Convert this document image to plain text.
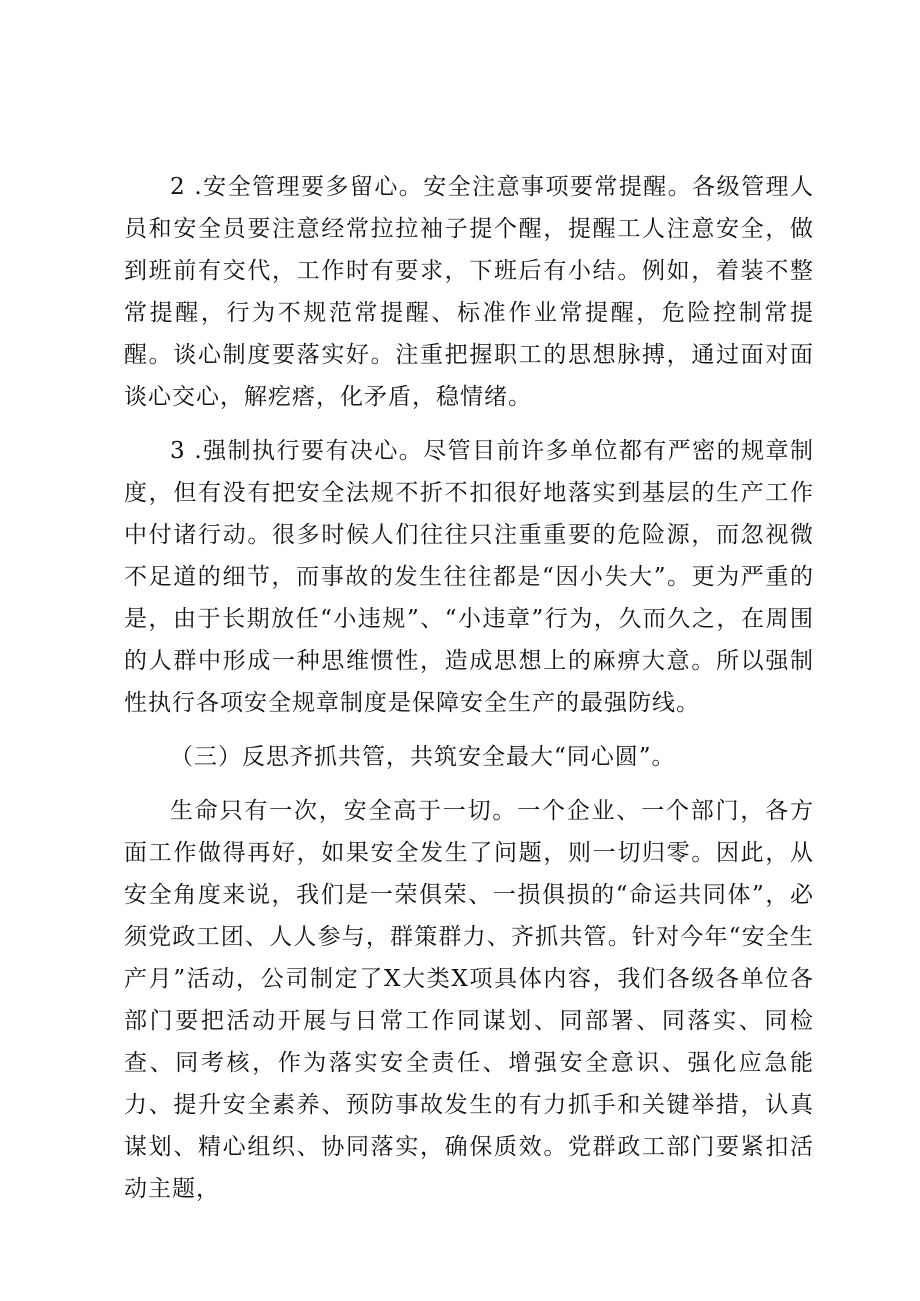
2 .安全管理要多留心。安全注意事项要常提醒。各级管理人员和安全员要注意经常拉拉袖子提个醒，提醒工人注意安全，做到班前有交代，工作时有要求，下班后有小结。例如，着装不整常提醒，行为不规范常提醒、标准作业常提醒，危险控制常提醒。谈心制度要落实好。注重把握职工的思想脉搏，通过面对面谈心交心，解疙瘩，化矛盾，稳情绪。

3 .强制执行要有决心。尽管目前许多单位都有严密的规章制度，但有没有把安全法规不折不扣很好地落实到基层的生产工作中付诸行动。很多时候人们往往只注重重要的危险源，而忽视微不足道的细节，而事故的发生往往都是“因小失大”。更为严重的是，由于长期放任“小违规”、“小违章”行为，久而久之，在周围的人群中形成一种思维惯性，造成思想上的麻痹大意。所以强制性执行各项安全规章制度是保障安全生产的最强防线。

（三）反思齐抓共管，共筑安全最大“同心圆”。

生命只有一次，安全高于一切。一个企业、一个部门，各方面工作做得再好，如果安全发生了问题，则一切归零。因此，从安全角度来说，我们是一荣俱荣、一损俱损的“命运共同体”，必须党政工团、人人参与，群策群力、齐抓共管。针对今年“安全生产月”活动，公司制定了X大类X项具体内容，我们各级各单位各部门要把活动开展与日常工作同谋划、同部署、同落实、同检查、同考核，作为落实安全责任、增强安全意识、强化应急能力、提升安全素养、预防事故发生的有力抓手和关键举措，认真谋划、精心组织、协同落实，确保质效。党群政工部门要紧扣活动主题，
